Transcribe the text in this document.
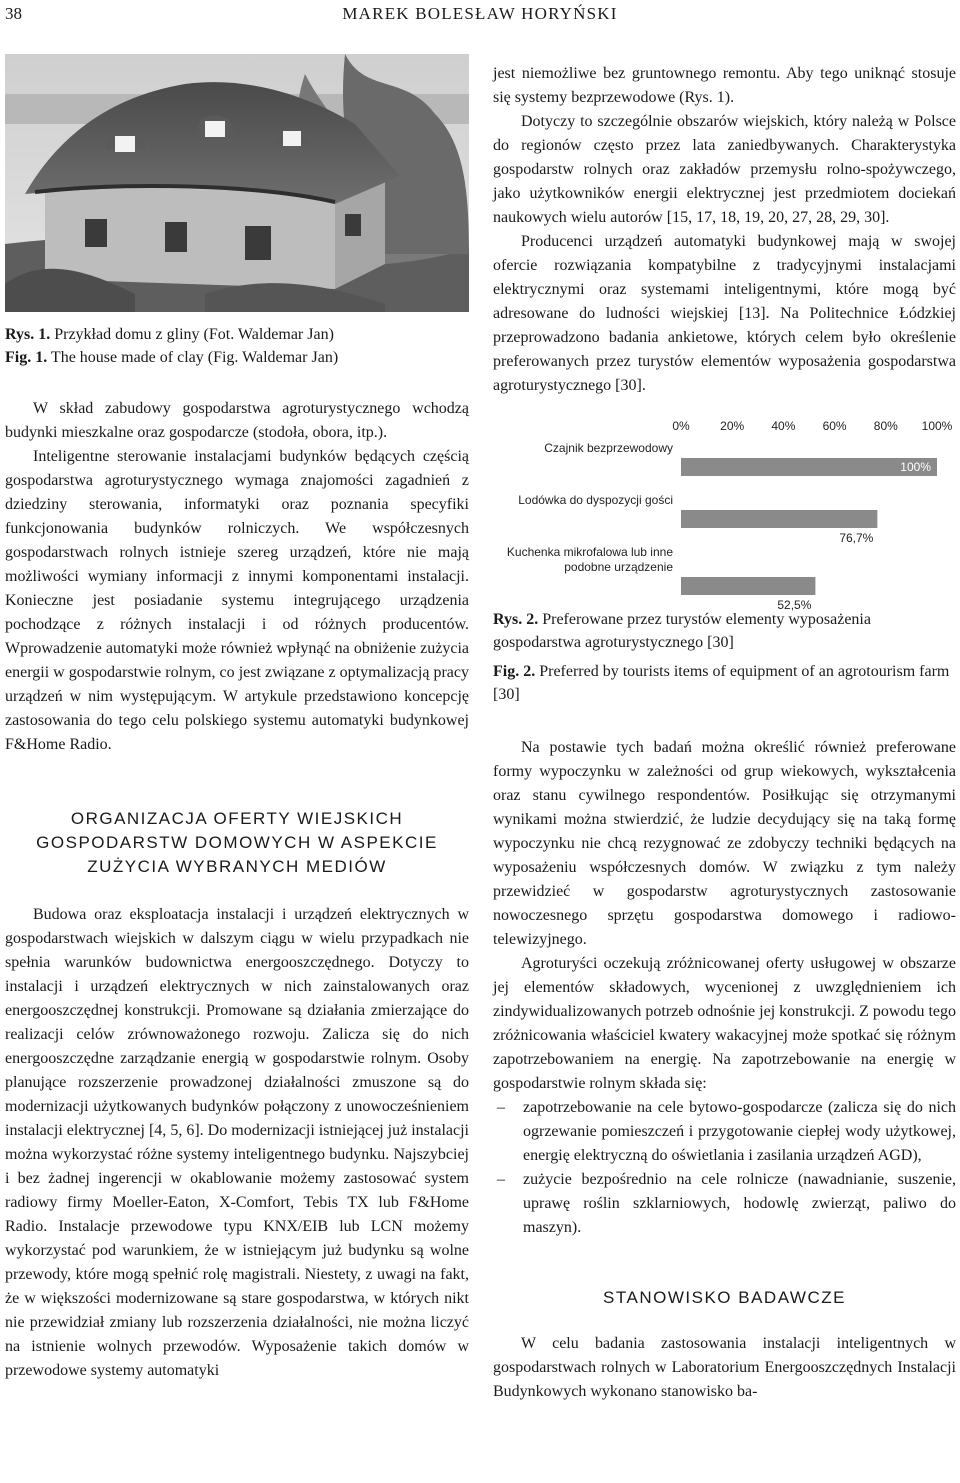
38	MAREK BOLESŁAW HORYŃSKI

Rys. 1. Przykład domu z gliny (Fot. Waldemar Jan)

Fig. 1. The house made of clay (Fig. Waldemar Jan)

W skład zabudowy gospodarstwa agroturystycznego wchodzą budynki mieszkalne oraz gospodarcze (stodoła, obora, itp.).

Inteligentne sterowanie instalacjami budynków będących częścią gospodarstwa agroturystycznego wymaga znajomości zagadnień z dziedziny sterowania, informatyki oraz poznania specyfiki funkcjonowania budynków rolniczych. We współczesnych gospodarstwach rolnych istnieje szereg urządzeń, które nie mają możliwości wymiany informacji z innymi komponentami instalacji. Konieczne jest posiadanie systemu integrującego urządzenia pochodzące z różnych instalacji i od różnych producentów. Wprowadzenie automatyki może również wpłynąć na obniżenie zużycia energii w gospodarstwie rolnym, co jest związane z optymalizacją pracy urządzeń w nim występującym. W artykule przedstawiono koncepcję zastosowania do tego celu polskiego systemu automatyki budynkowej F&Home Radio.

ORGANIZACJA OFERTY WIEJSKICH
GOSPODARSTW DOMOWYCH W ASPEKCIE
ZUŻYCIA WYBRANYCH MEDIÓW

Budowa oraz eksploatacja instalacji i urządzeń elektrycznych w gospodarstwach wiejskich w dalszym ciągu w wielu przypadkach nie spełnia warunków budownictwa energooszczędnego. Dotyczy to instalacji i urządzeń elektrycznych w nich zainstalowanych oraz energooszczędnej konstrukcji. Promowane są działania zmierzające do realizacji celów zrównoważonego rozwoju. Zalicza się do nich energooszczędne zarządzanie energią w gospodarstwie rolnym. Osoby planujące rozszerzenie prowadzonej działalności zmuszone są do modernizacji użytkowanych budynków połączony z unowocześnieniem instalacji elektrycznej [4, 5, 6]. Do modernizacji istniejącej już instalacji można wykorzystać różne systemy inteligentnego budynku. Najszybciej i bez żadnej ingerencji w okablowanie możemy zastosować system radiowy firmy Moeller-Eaton, X-Comfort, Tebis TX lub F&Home Radio. Instalacje przewodowe typu KNX/EIB lub LCN możemy wykorzystać pod warunkiem, że w istniejącym już budynku są wolne przewody, które mogą spełnić rolę magistrali. Niestety, z uwagi na fakt, że w większości modernizowane są stare gospodarstwa, w których nikt nie przewidział zmiany lub rozszerzenia działalności, nie można liczyć na istnienie wolnych przewodów. Wyposażenie takich domów w przewodowe systemy automatyki

jest niemożliwe bez gruntownego remontu. Aby tego uniknąć stosuje się systemy bezprzewodowe (Rys. 1).

Dotyczy to szczególnie obszarów wiejskich, który należą w Polsce do regionów często przez lata zaniedbywanych. Charakterystyka gospodarstw rolnych oraz zakładów przemysłu rolno-spożywczego, jako użytkowników energii elektrycznej jest przedmiotem dociekań naukowych wielu autorów [15, 17, 18, 19, 20, 27, 28, 29, 30].

Producenci urządzeń automatyki budynkowej mają w swojej ofercie rozwiązania kompatybilne z tradycyjnymi instalacjami elektrycznymi oraz systemami inteligentnymi, które mogą być adresowane do ludności wiejskiej [13]. Na Politechnice Łódzkiej przeprowadzono badania ankietowe, których celem było określenie preferowanych przez turystów elementów wyposażenia gospodarstwa agroturystycznego [30].

0%	20% 40% 60% 80% 100%
Czajnik bezprzewodowy
100%
Lodówka do dyspozycji gości
76,7%
Kuchenka mikrofalowa lub inne
podobne urządzenie
52,5%

Rys. 2. Preferowane przez turystów elementy wyposażenia gospodarstwa agroturystycznego [30]

Fig. 2. Preferred by tourists items of equipment of an agrotourism farm [30]

Na postawie tych badań można określić również preferowane formy wypoczynku w zależności od grup wiekowych, wykształcenia oraz stanu cywilnego respondentów. Posiłkując się otrzymanymi wynikami można stwierdzić, że ludzie decydujący się na taką formę wypoczynku nie chcą rezygnować ze zdobyczy techniki będących na wyposażeniu współczesnych domów. W związku z tym należy przewidzieć w gospodarstw agroturystycznych zastosowanie nowoczesnego sprzętu gospodarstwa domowego i radiowo-telewizyjnego.

Agroturyści oczekują zróżnicowanej oferty usługowej w obszarze jej elementów składowych, wycenionej z uwzględnieniem ich zindywidualizowanych potrzeb odnośnie jej konstrukcji. Z powodu tego zróżnicowania właściciel kwatery wakacyjnej może spotkać się różnym zapotrzebowaniem na energię. Na zapotrzebowanie na energię w gospodarstwie rolnym składa się:

– zapotrzebowanie na cele bytowo-gospodarcze (zalicza się do nich ogrzewanie pomieszczeń i przygotowanie ciepłej wody użytkowej, energię elektryczną do oświetlania i zasilania urządzeń AGD),
– zużycie bezpośrednio na cele rolnicze (nawadnianie, suszenie, uprawę roślin szklarniowych, hodowlę zwierząt, paliwo do maszyn).

STANOWISKO BADAWCZE

W celu badania zastosowania instalacji inteligentnych w gospodarstwach rolnych w Laboratorium Energooszczędnych Instalacji Budynkowych wykonano stanowisko ba-
